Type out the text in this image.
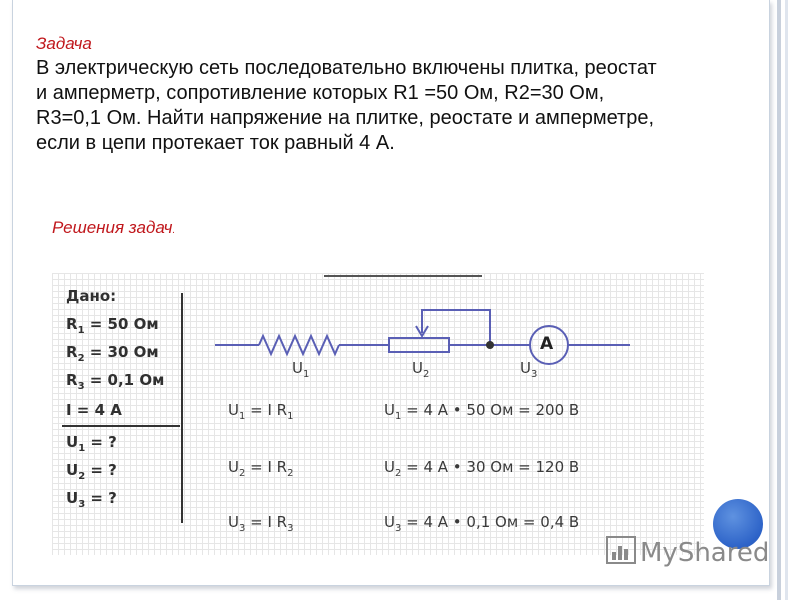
Задача
В электрическую сеть последовательно включены плитка, реостат
и амперметр, сопротивление которых R1 =50 Ом, R2=30 Ом,
R3=0,1 Ом. Найти напряжение на плитке, реостате и амперметре,
если в цепи протекает ток равный 4 А.
Решения задач.
Дано:
$R_1 = 50$ Ом
$R_2 = 30$ Ом
$R_3 = 0,1$ Ом
I = 4 A
$U_1$ = ?
$U_2$ = ?
$U_3$ = ?
A
$U_1$	$U_2$	$U_3$
$U_1 = I$ $R_1$
$U_2 = I$ $R_2$
$U_3 = I$ $R_3$
$U_1 = 4$ A • 50 Ом = 200 В
$U_2 = 4$ A • 30 Ом = 120 В
$U_3 = 4$ A • 0,1 Ом = 0,4 В
MyShared
